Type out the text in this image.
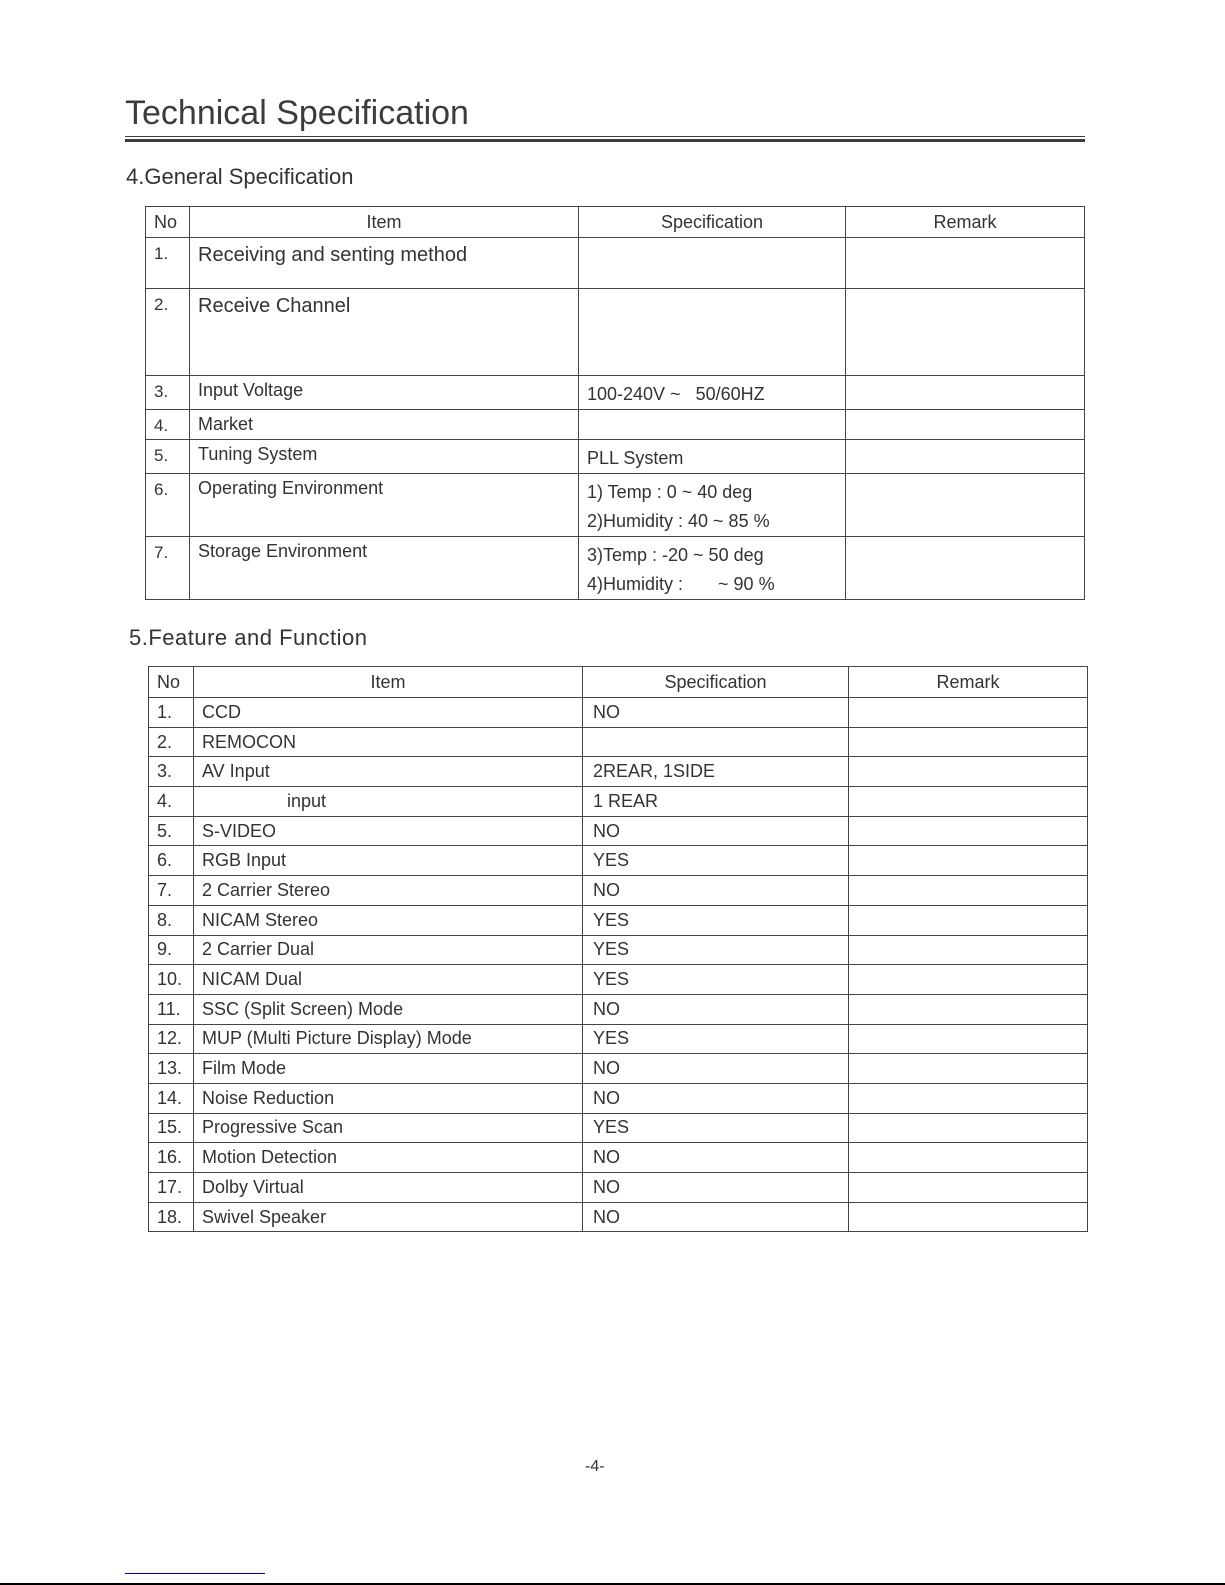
Technical Specification
4.General Specification
No	Item	Specification	Remark
1.	Receiving and senting method	

2.	Receive Channel	

3.	Input Voltage	100-240V ~   50/60HZ	

4.	Market	

5.	Tuning System	PLL System	

6.	Operating Environment	1) Temp : 0 ~ 40 deg
2)Humidity : 40 ~ 85 %	

7.	Storage Environment	3)Temp : -20 ~ 50 deg
4)Humidity :       ~ 90 %	

5.Feature and Function
No	Item	Specification	Remark
1.	CCD	NO	
2.	REMOCON		
3.	AV Input	2REAR, 1SIDE	
4.	input	1 REAR	
5.	S-VIDEO	NO	
6.	RGB Input	YES	
7.	2 Carrier Stereo	NO	
8.	NICAM Stereo	YES	
9.	2 Carrier Dual	YES	
10.	NICAM Dual	YES	
11.	SSC (Split Screen) Mode	NO	
12.	MUP (Multi Picture Display) Mode	YES	
13.	Film Mode	NO	
14.	Noise Reduction	NO	
15.	Progressive Scan	YES	
16.	Motion Detection	NO	
17.	Dolby Virtual	NO	
18.	Swivel Speaker	NO	
-4-
